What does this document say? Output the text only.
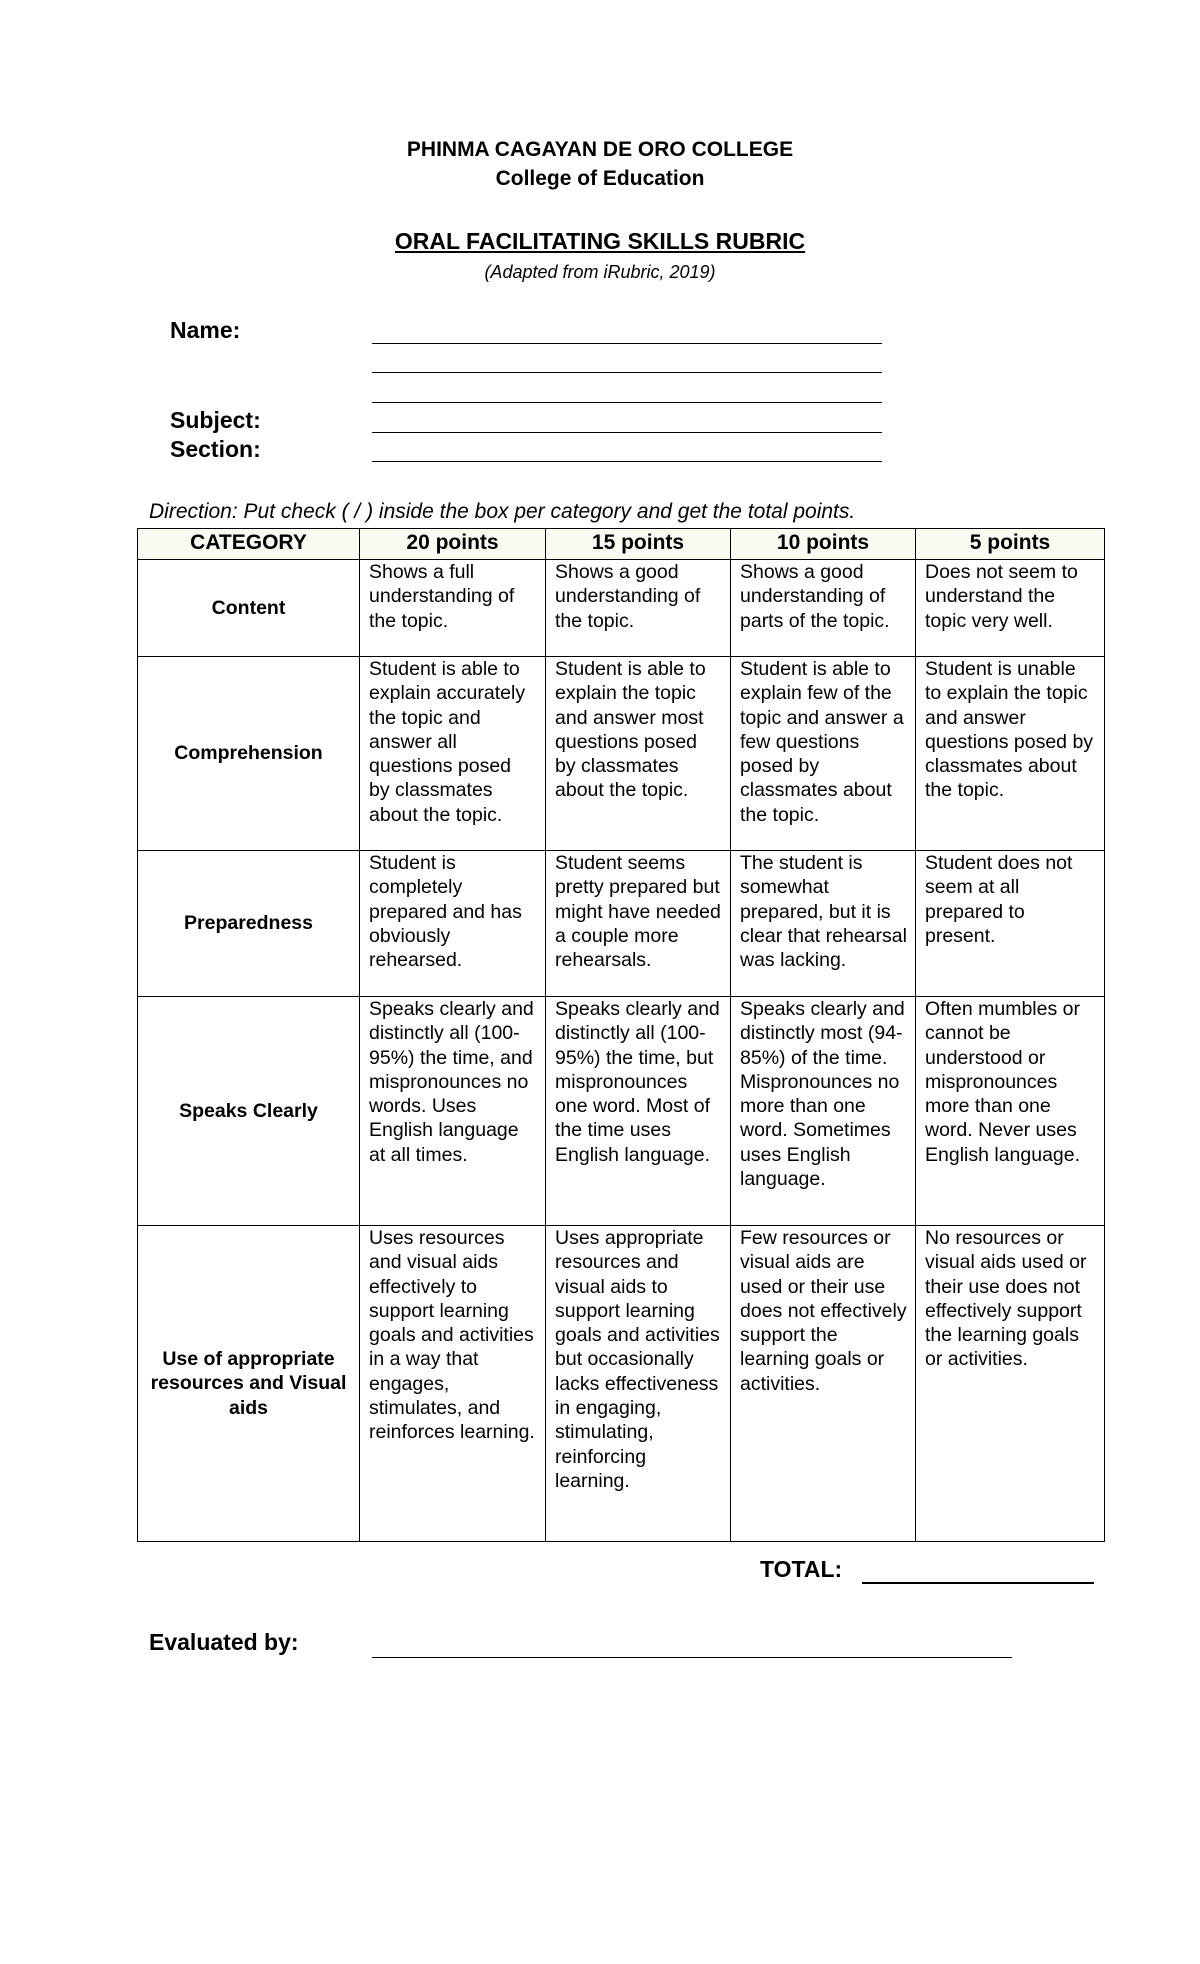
PHINMA CAGAYAN DE ORO COLLEGE
College of Education
ORAL FACILITATING SKILLS RUBRIC
(Adapted from iRubric, 2019)
Name:
Subject:
Section:
Direction: Put check ( / ) inside the box per category and get the total points.
CATEGORY	20 points	15 points	10 points	5 points
Content	Shows a full understanding of the topic.	Shows a good understanding of the topic.	Shows a good understanding of parts of the topic.	Does not seem to understand the topic very well.
Comprehension	Student is able to explain accurately the topic and answer all questions posed by classmates about the topic.	Student is able to explain the topic and answer most questions posed by classmates about the topic.	Student is able to explain few of the topic and answer a few questions posed by classmates about the topic.	Student is unable to explain the topic and answer questions posed by classmates about the topic.
Preparedness	Student is completely prepared and has obviously rehearsed.	Student seems pretty prepared but might have needed a couple more rehearsals.	The student is somewhat prepared, but it is clear that rehearsal was lacking.	Student does not seem at all prepared to present.
Speaks Clearly	Speaks clearly and distinctly all (100-95%) the time, and mispronounces no words. Uses English language at all times.	Speaks clearly and distinctly all (100-95%) the time, but mispronounces one word. Most of the time uses English language.	Speaks clearly and distinctly most (94-85%) of the time. Mispronounces no more than one word. Sometimes uses English language.	Often mumbles or cannot be understood or mispronounces more than one word. Never uses English language.
Use of appropriate resources and Visual aids	Uses resources and visual aids effectively to support learning goals and activities in a way that engages, stimulates, and reinforces learning.	Uses appropriate resources and visual aids to support learning goals and activities but occasionally lacks effectiveness in engaging, stimulating, reinforcing learning.	Few resources or visual aids are used or their use does not effectively support the learning goals or activities.	No resources or visual aids used or their use does not effectively support the learning goals or activities.
TOTAL:
Evaluated by:
